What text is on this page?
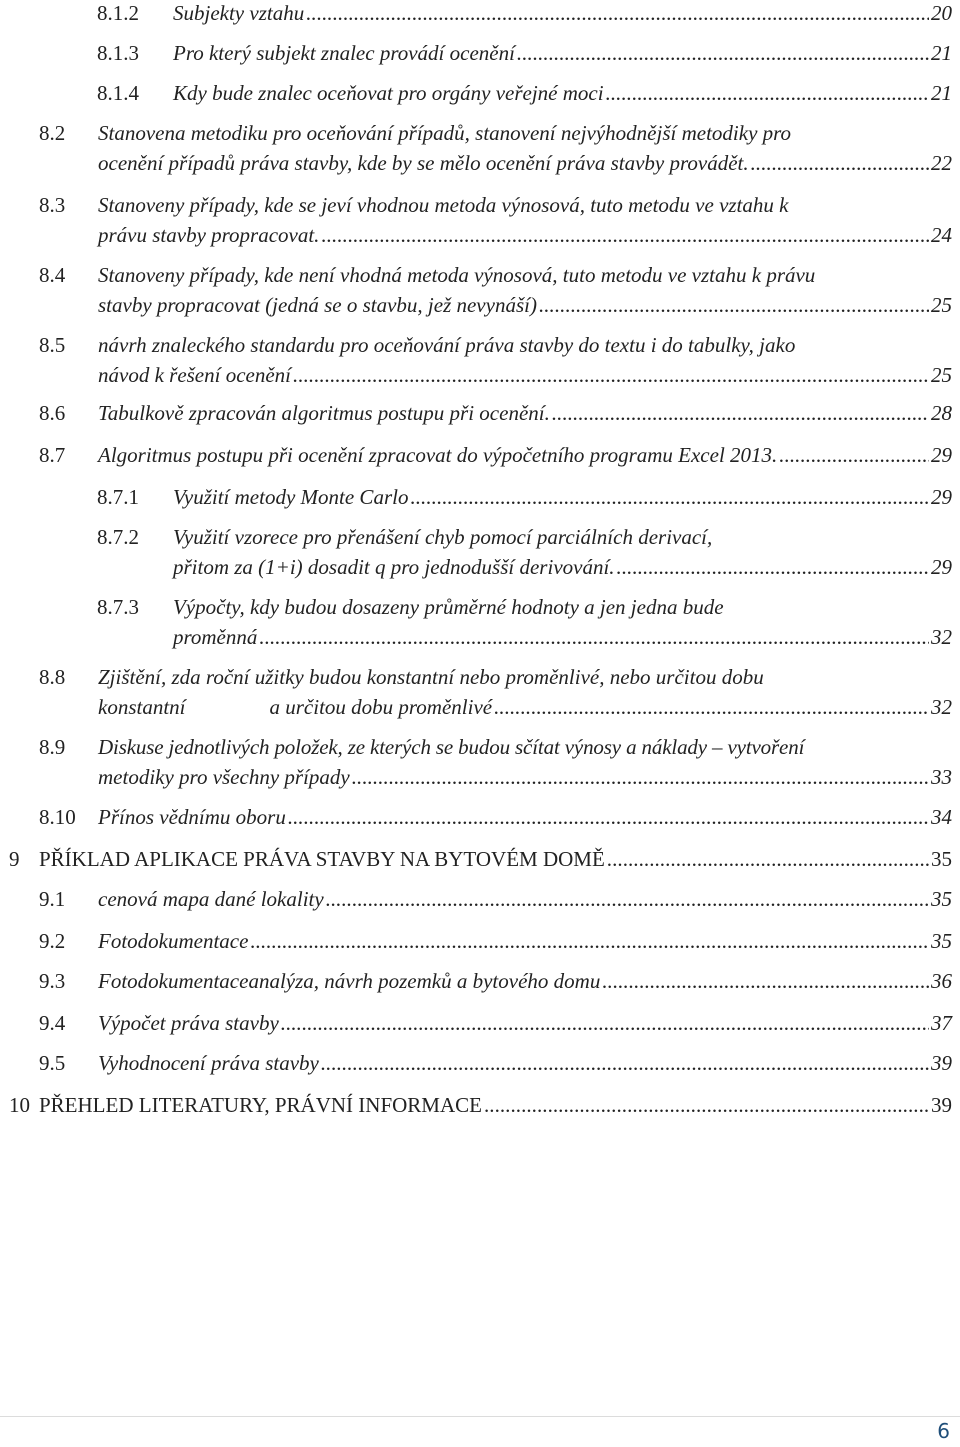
8.1.2 Subjekty vztahu . . .	20
8.1.3 Pro který subjekt znalec provádí ocenění . . .	21
8.1.4 Kdy bude znalec oceňovat pro orgány veřejné moci . . .	21
8.2 Stanovena metodiku pro oceňování případů, stanovení nejvýhodnější metodiky pro
ocenění případů práva stavby, kde by se mělo ocenění práva stavby provádět. . . .	22
8.3 Stanoveny případy, kde se jeví vhodnou metoda výnosová, tuto metodu ve vztahu k
právu stavby propracovat. . . .	24
8.4 Stanoveny případy, kde není vhodná metoda výnosová, tuto metodu ve vztahu k právu
stavby propracovat (jedná se o stavbu, jež nevynáší) . . .	25
8.5 návrh znaleckého standardu pro oceňování práva stavby do textu i do tabulky, jako
návod k řešení ocenění . . .	25
8.6 Tabulkově zpracován algoritmus postupu při ocenění. . . .	28
8.7 Algoritmus postupu při ocenění zpracovat do výpočetního programu Excel 2013. . . .	29
8.7.1 Využití metody Monte Carlo . . .	29
8.7.2 Využití vzorece pro přenášení chyb pomocí parciálních derivací,
přitom za (1+i) dosadit q pro jednodušší derivování. . . .	29
8.7.3 Výpočty, kdy budou dosazeny průměrné hodnoty a jen jedna bude
proměnná . . .	32
8.8 Zjištění, zda roční užitky budou konstantní nebo proměnlivé, nebo určitou dobu
konstantní                a určitou dobu proměnlivé . . .	32
8.9 Diskuse jednotlivých položek, ze kterých se budou sčítat výnosy a náklady – vytvoření
metodiky pro všechny případy . . .	33
8.10 Přínos vědnímu oboru . . .	34
9 PŘÍKLAD APLIKACE PRÁVA STAVBY NA BYTOVÉM DOMĚ . . .	35
9.1 cenová mapa dané lokality . . .	35
9.2 Fotodokumentace . . .	35
9.3 Fotodokumentaceanalýza, návrh pozemků a bytového domu . . .	36
9.4 Výpočet práva stavby . . .	37
9.5 Vyhodnocení práva stavby . . .	39
10 PŘEHLED LITERATURY, PRÁVNÍ INFORMACE . . .	39
6
